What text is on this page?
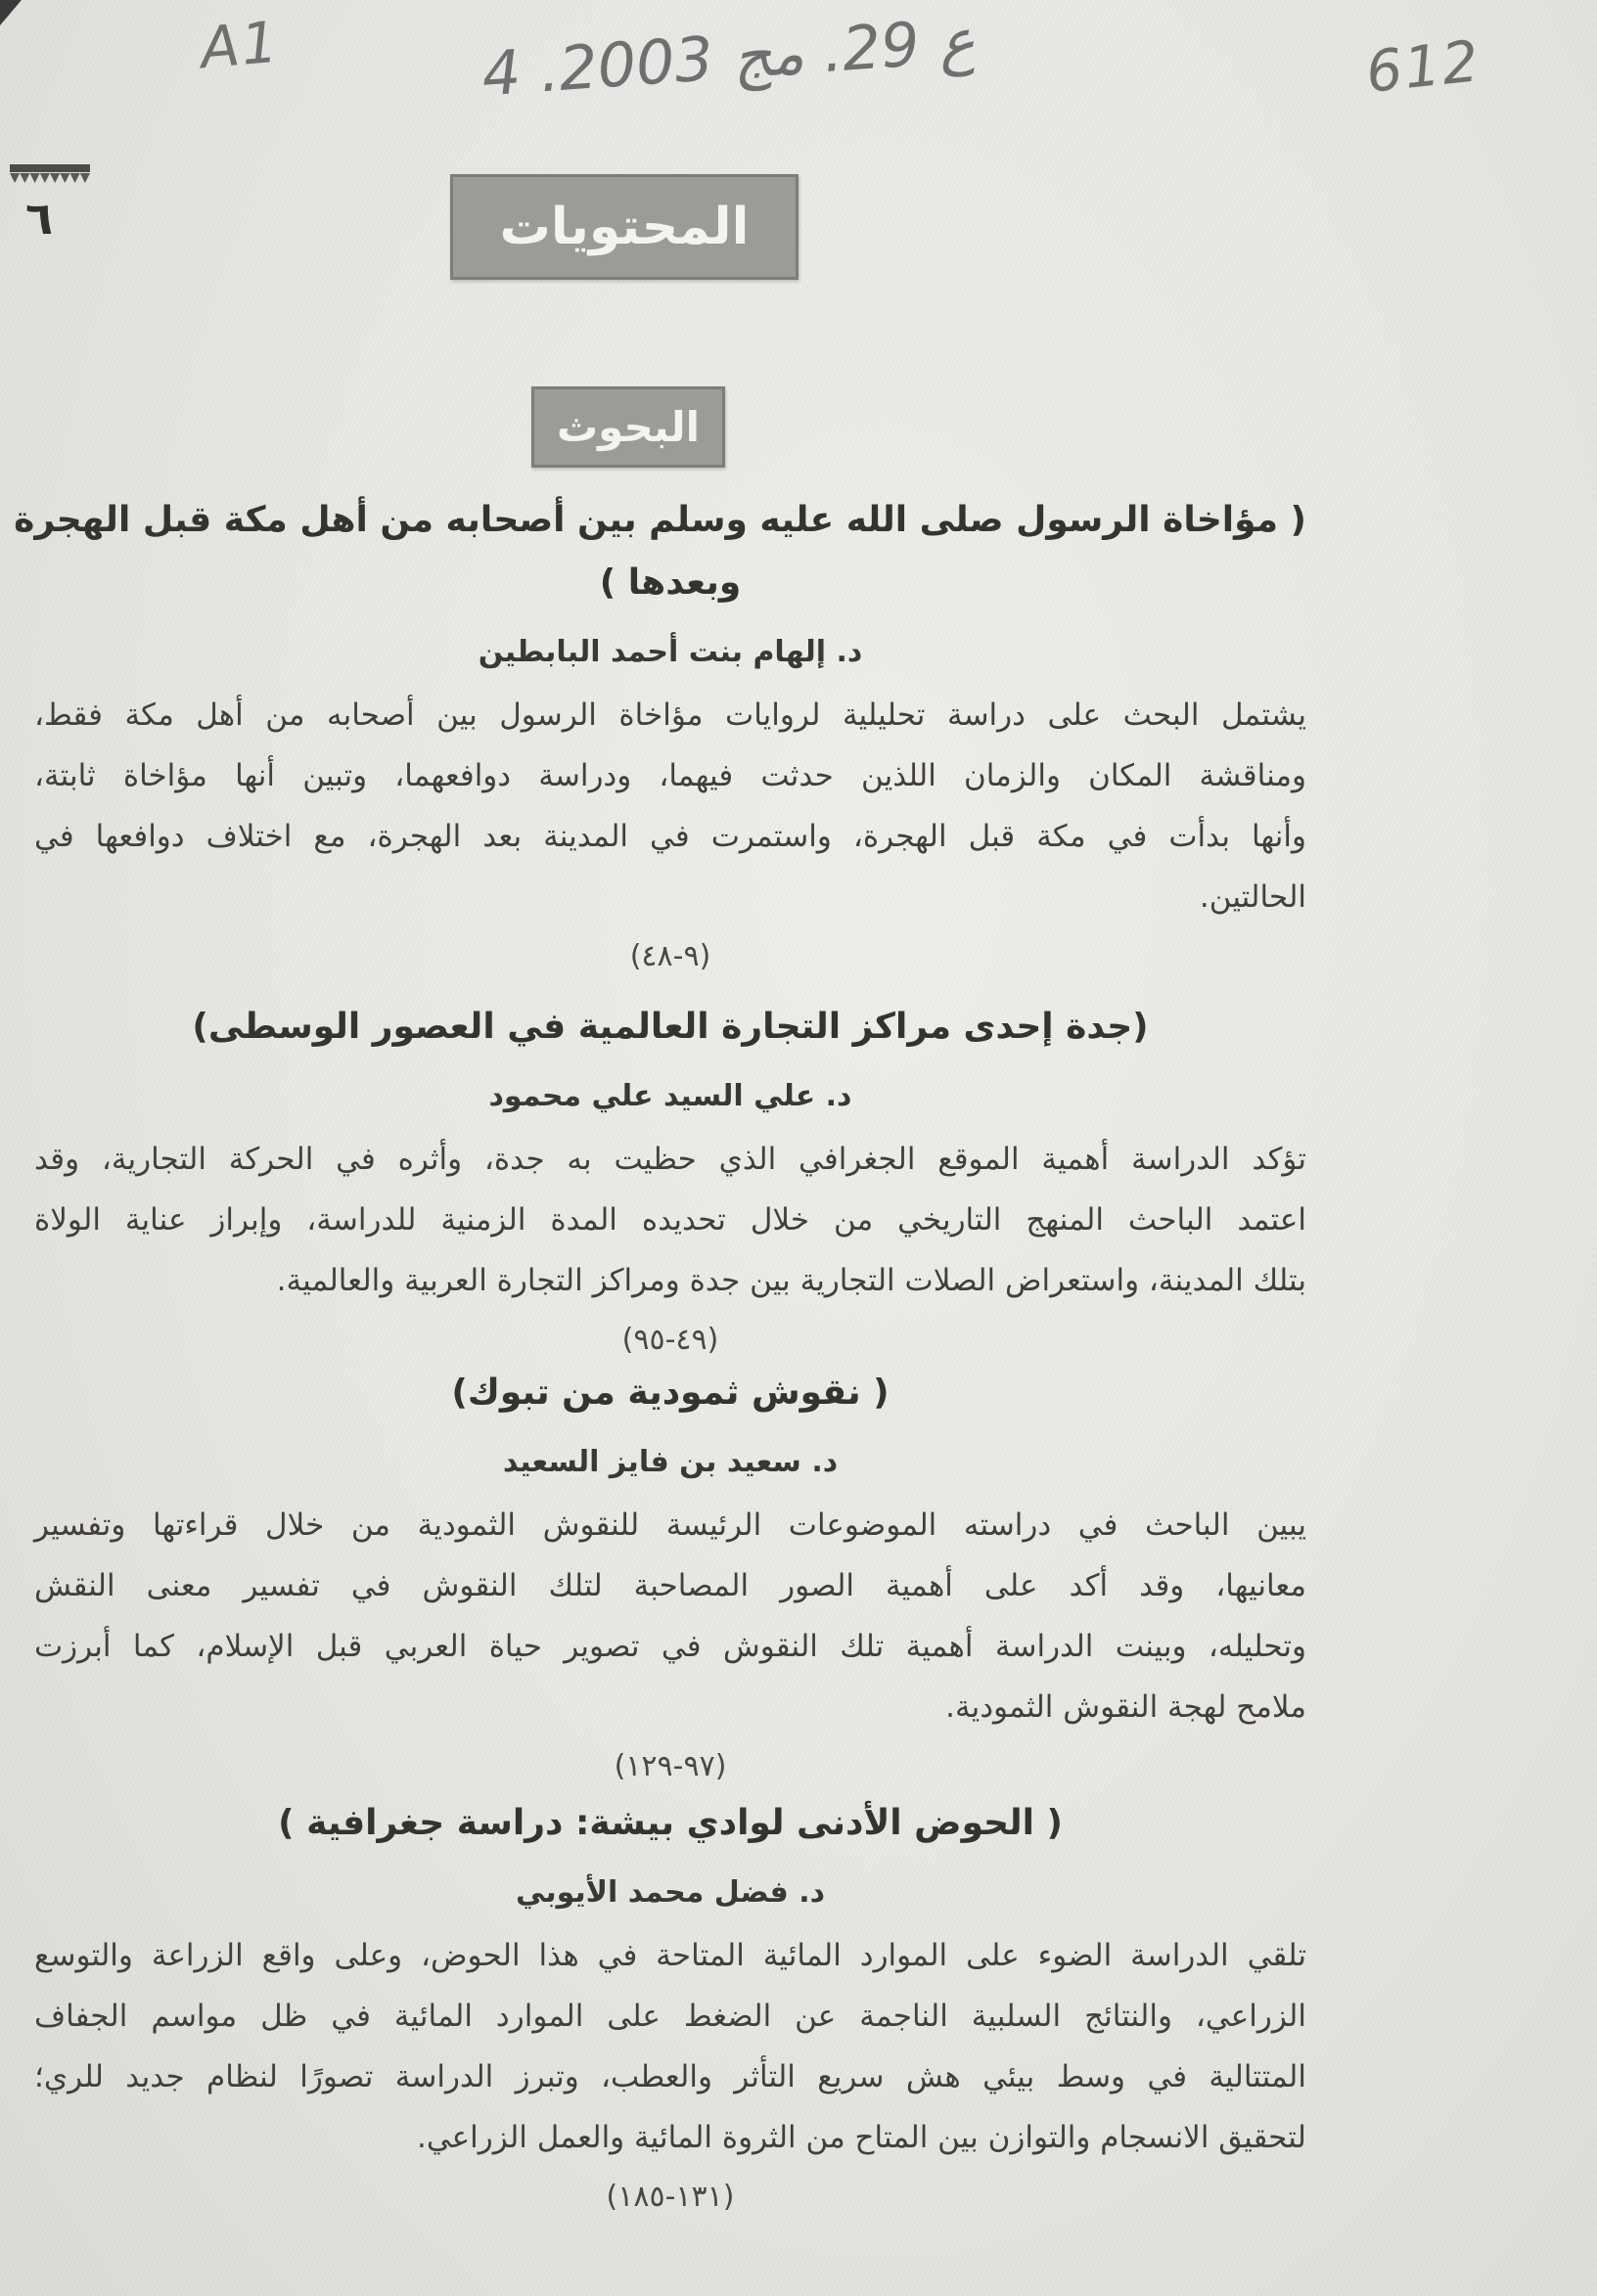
A1	4 .ع 29. مج 2003	612
٦	المحتويات
البحوث
( مؤاخاة الرسول صلى الله عليه وسلم بين أصحابه من أهل مكة قبل الهجرة
وبعدها )
د. إلهام بنت أحمد البابطين
يشتمل البحث على دراسة تحليلية لروايات مؤاخاة الرسول بين أصحابه من أهل مكة فقط،
ومناقشة المكان والزمان اللذين حدثت فيهما، ودراسة دوافعهما، وتبين أنها مؤاخاة ثابتة،
وأنها بدأت في مكة قبل الهجرة، واستمرت في المدينة بعد الهجرة، مع اختلاف دوافعها في
الحالتين.
(٩-٤٨)
(جدة إحدى مراكز التجارة العالمية في العصور الوسطى)
د. علي السيد علي محمود
تؤكد الدراسة أهمية الموقع الجغرافي الذي حظيت به جدة، وأثره في الحركة التجارية، وقد
اعتمد الباحث المنهج التاريخي من خلال تحديده المدة الزمنية للدراسة، وإبراز عناية الولاة
بتلك المدينة، واستعراض الصلات التجارية بين جدة ومراكز التجارة العربية والعالمية.
(٤٩-٩٥)
( نقوش ثمودية من تبوك)
د. سعيد بن فايز السعيد
يبين الباحث في دراسته الموضوعات الرئيسة للنقوش الثمودية من خلال قراءتها وتفسير
معانيها، وقد أكد على أهمية الصور المصاحبة لتلك النقوش في تفسير معنى النقش
وتحليله، وبينت الدراسة أهمية تلك النقوش في تصوير حياة العربي قبل الإسلام، كما أبرزت
ملامح لهجة النقوش الثمودية.
(٩٧-١٢٩)
( الحوض الأدنى لوادي بيشة: دراسة جغرافية )
د. فضل محمد الأيوبي
تلقي الدراسة الضوء على الموارد المائية المتاحة في هذا الحوض، وعلى واقع الزراعة والتوسع
الزراعي، والنتائج السلبية الناجمة عن الضغط على الموارد المائية في ظل مواسم الجفاف
المتتالية في وسط بيئي هش سريع التأثر والعطب، وتبرز الدراسة تصورًا لنظام جديد للري؛
لتحقيق الانسجام والتوازن بين المتاح من الثروة المائية والعمل الزراعي.
(١٣١-١٨٥)
